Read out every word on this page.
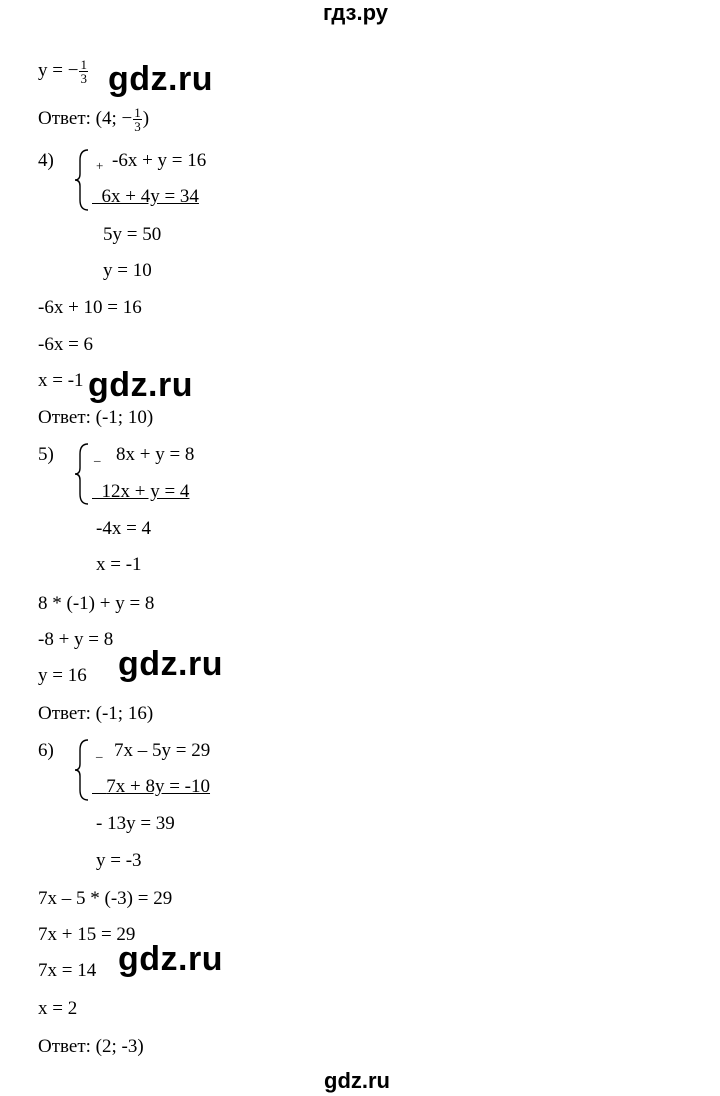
гдз.ру
y = − $\frac{1}{3} gdz.ru$
Ответ: (4; − $\frac{1}{3}$ )
4)	+ -6x + y = 16
6x + 4y = 34
5y = 50
y = 10
-6x + 10 = 16
-6x = 6
x = -1 gdz.ru
Ответ: (-1; 10)
5)	_ 8x + y = 8
12x + y = 4
-4x = 4
x = -1
8 * (-1) + y = 8
-8 + y = 8
y = 16 gdz.ru
Ответ: (-1; 16)
6)	_ 7x – 5y = 29
7x + 8y = -10
- 13y = 39
y = -3
7x – 5 * (-3) = 29
7x + 15 = 29
7x = 14 gdz.ru
x = 2
Ответ: (2; -3)
gdz.ru
